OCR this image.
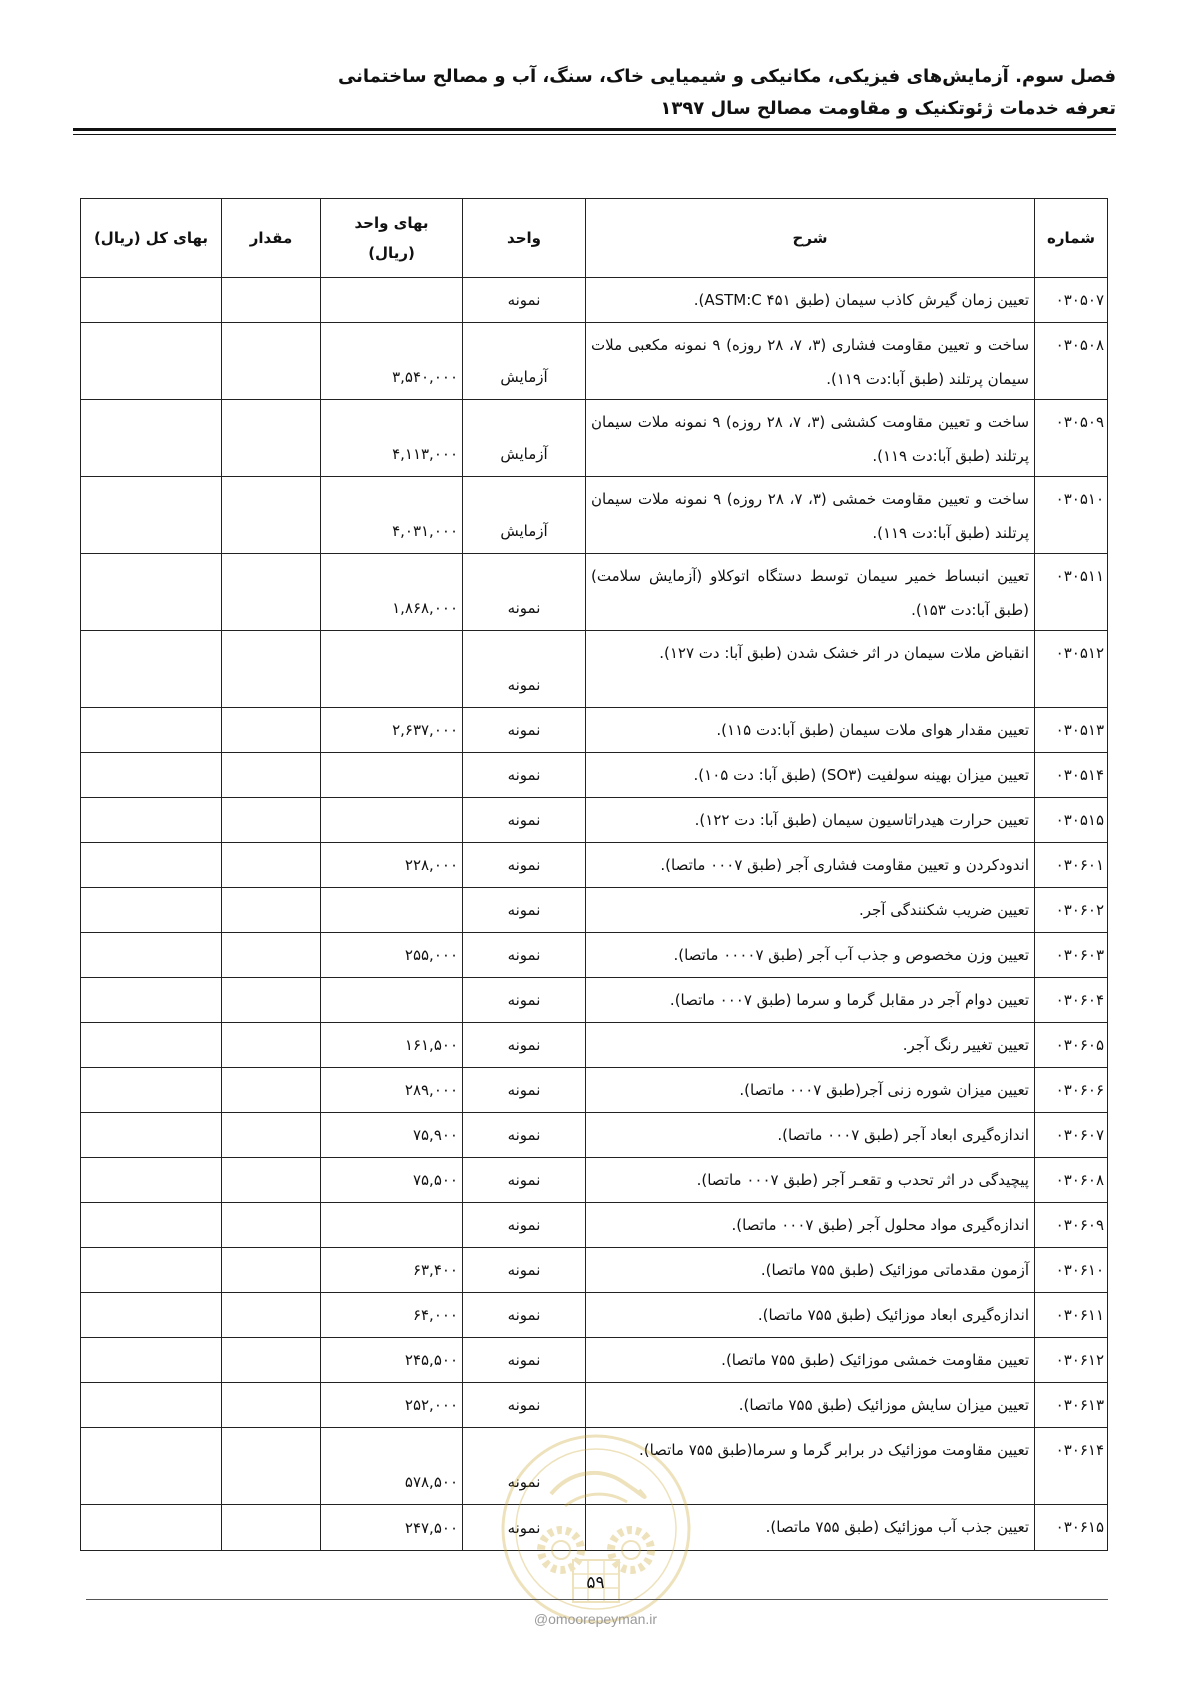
فصل سوم. آزمایش‌های فیزیکی، مکانیکی و شیمیایی خاک، سنگ، آب و مصالح ساختمانی
تعرفه خدمات ژئوتکنیک و مقاومت مصالح سال ۱۳۹۷
شماره
شرح
واحد
بهای واحد
(ریال)
مقدار
بهای کل (ریال)
۰۳۰۵۰۷
تعیین زمان گیرش کاذب سیمان (طبق ASTM:C ۴۵۱).
نمونه
۰۳۰۵۰۸
ساخت و تعیین مقاومت فشاری (۳، ۷، ۲۸ روزه) ۹ نمونه مکعبی ملات سیمان پرتلند (طبق آبا:دت ۱۱۹).
آزمایش
۳,۵۴۰,۰۰۰
۰۳۰۵۰۹
ساخت و تعیین مقاومت کششی (۳، ۷، ۲۸ روزه) ۹ نمونه ملات سیمان پرتلند (طبق آبا:دت ۱۱۹).
آزمایش
۴,۱۱۳,۰۰۰
۰۳۰۵۱۰
ساخت و تعیین مقاومت خمشی (۳، ۷، ۲۸ روزه) ۹ نمونه ملات سیمان پرتلند (طبق آبا:دت ۱۱۹).
آزمایش
۴,۰۳۱,۰۰۰
۰۳۰۵۱۱
تعیین انبساط خمیر سیمان توسط دستگاه اتوکلاو (آزمایش سلامت) (طبق آبا:دت ۱۵۳).
نمونه
۱,۸۶۸,۰۰۰
۰۳۰۵۱۲
انقباض ملات سیمان در اثر خشک شدن (طبق آبا: دت ۱۲۷).
نمونه
۰۳۰۵۱۳
تعیین مقدار هوای ملات سیمان (طبق آبا:دت ۱۱۵).
نمونه
۲,۶۳۷,۰۰۰
۰۳۰۵۱۴
تعیین میزان بهینه سولفیت (SO۳) (طبق آبا: دت ۱۰۵).
نمونه
۰۳۰۵۱۵
تعیین حرارت هیدراتاسیون سیمان (طبق آبا: دت ۱۲۲).
نمونه
۰۳۰۶۰۱
اندودکردن و تعیین مقاومت فشاری آجر (طبق ۰۰۰۷ ماتصا).
نمونه
۲۲۸,۰۰۰
۰۳۰۶۰۲
تعیین ضریب شکنندگی آجر.
نمونه
۰۳۰۶۰۳
تعیین وزن مخصوص و جذب آب آجر (طبق ۰۰۰۰۷ ماتصا).
نمونه
۲۵۵,۰۰۰
۰۳۰۶۰۴
تعیین دوام آجر در مقابل گرما و سرما (طبق ۰۰۰۷ ماتصا).
نمونه
۰۳۰۶۰۵
تعیین تغییر رنگ آجر.
نمونه
۱۶۱,۵۰۰
۰۳۰۶۰۶
تعیین میزان شوره زنی آجر(طبق ۰۰۰۷ ماتصا).
نمونه
۲۸۹,۰۰۰
۰۳۰۶۰۷
اندازه‌گیری ابعاد آجر (طبق ۰۰۰۷ ماتصا).
نمونه
۷۵,۹۰۰
۰۳۰۶۰۸
پیچیدگی در اثر تحدب و تقعـر آجر (طبق ۰۰۰۷ ماتصا).
نمونه
۷۵,۵۰۰
۰۳۰۶۰۹
اندازه‌گیری مواد محلول آجر (طبق ۰۰۰۷ ماتصا).
نمونه
۰۳۰۶۱۰
آزمون مقدماتی موزائیک (طبق ۷۵۵ ماتصا).
نمونه
۶۳,۴۰۰
۰۳۰۶۱۱
اندازه‌گیری ابعاد موزائیک (طبق ۷۵۵ ماتصا).
نمونه
۶۴,۰۰۰
۰۳۰۶۱۲
تعیین مقاومت خمشی موزائیک (طبق ۷۵۵ ماتصا).
نمونه
۲۴۵,۵۰۰
۰۳۰۶۱۳
تعیین میزان سایش موزائیک (طبق ۷۵۵ ماتصا).
نمونه
۲۵۲,۰۰۰
۰۳۰۶۱۴
تعیین مقاومت موزائیک در برابر گرما و سرما(طبق ۷۵۵ ماتصا).
نمونه
۵۷۸,۵۰۰
۰۳۰۶۱۵
تعیین جذب آب موزائیک (طبق ۷۵۵ ماتصا).
نمونه
۲۴۷,۵۰۰
۵۹
@omoorepeyman.ir
